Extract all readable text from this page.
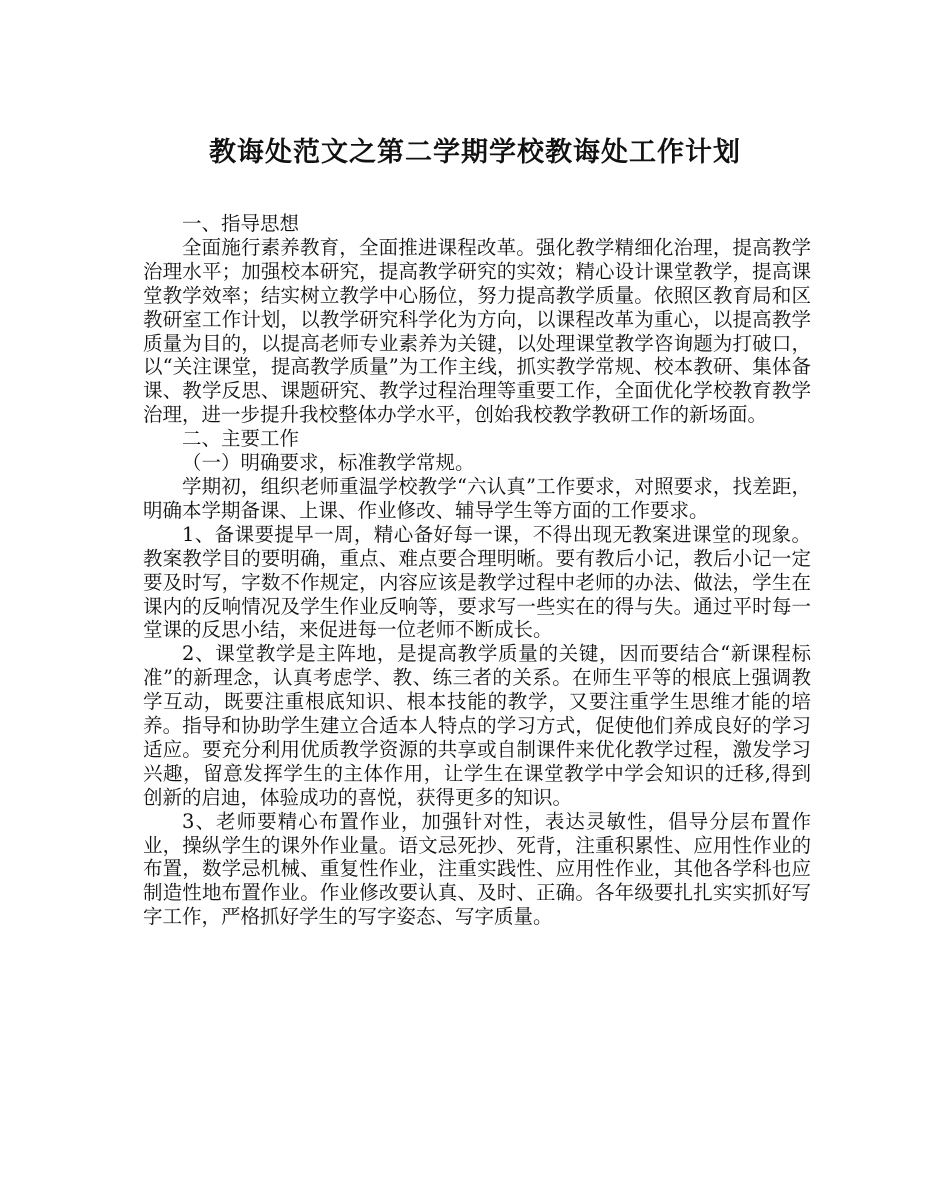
教诲处范文之第二学期学校教诲处工作计划

一、指导思想

全面施行素养教育，全面推进课程改革。强化教学精细化治理，提高教学治理水平；加强校本研究，提高教学研究的实效；精心设计课堂教学，提高课堂教学效率；结实树立教学中心肠位，努力提高教学质量。依照区教育局和区教研室工作计划，以教学研究科学化为方向，以课程改革为重心，以提高教学质量为目的，以提高老师专业素养为关键，以处理课堂教学咨询题为打破口，以“关注课堂，提高教学质量”为工作主线，抓实教学常规、校本教研、集体备课、教学反思、课题研究、教学过程治理等重要工作，全面优化学校教育教学治理，进一步提升我校整体办学水平，创始我校教学教研工作的新场面。

二、主要工作

（一）明确要求，标准教学常规。

学期初，组织老师重温学校教学“六认真”工作要求，对照要求，找差距，明确本学期备课、上课、作业修改、辅导学生等方面的工作要求。

1、备课要提早一周，精心备好每一课，不得出现无教案进课堂的现象。教案教学目的要明确，重点、难点要合理明晰。要有教后小记，教后小记一定要及时写，字数不作规定，内容应该是教学过程中老师的办法、做法，学生在课内的反响情况及学生作业反响等，要求写一些实在的得与失。通过平时每一堂课的反思小结，来促进每一位老师不断成长。

2、课堂教学是主阵地，是提高教学质量的关键，因而要结合“新课程标准”的新理念，认真考虑学、教、练三者的关系。在师生平等的根底上强调教学互动，既要注重根底知识、根本技能的教学，又要注重学生思维才能的培养。指导和协助学生建立合适本人特点的学习方式，促使他们养成良好的学习适应。要充分利用优质教学资源的共享或自制课件来优化教学过程，激发学习兴趣，留意发挥学生的主体作用，让学生在课堂教学中学会知识的迁移,得到创新的启迪，体验成功的喜悦，获得更多的知识。

3、老师要精心布置作业，加强针对性，表达灵敏性，倡导分层布置作业，操纵学生的课外作业量。语文忌死抄、死背，注重积累性、应用性作业的布置，数学忌机械、重复性作业，注重实践性、应用性作业，其他各学科也应制造性地布置作业。作业修改要认真、及时、正确。各年级要扎扎实实抓好写字工作，严格抓好学生的写字姿态、写字质量。
